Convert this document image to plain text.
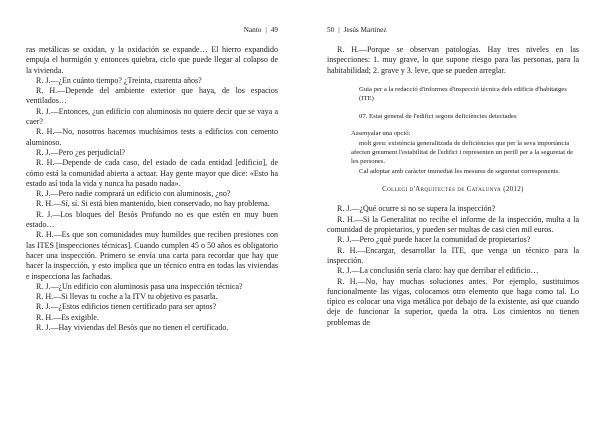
Nanto | 49

ras metálicas se oxidan, y la oxidación se expande… El hierro expandido empuja el hormigón y entonces quiebra, ciclo que puede llegar al colapso de la vivienda.

R. J.—¿En cuánto tiempo? ¿Treinta, cuarenta años?

R. H.—Depende del ambiente exterior que haya, de los espacios ventilados…

R. J.—Entonces, ¿un edificio con aluminosis no quiere decir que se vaya a caer?

R. H.—No, nosotros hacemos muchísimos tests a edificios con cemento aluminoso.

R. J.—Pero ¿es perjudicial?

R. H.—Depende de cada caso, del estado de cada entidad [edificio], de cómo está la comunidad abierta a actuar. Hay gente mayor que dice: «Esto ha estado así toda la vida y nunca ha pasado nada».

R. J.—Pero nadie comprará un edificio con aluminosis, ¿no?

R. H.—Sí, sí. Si está bien mantenido, bien conservado, no hay problema.

R. J.—Los bloques del Besòs Profundo no es que estén en muy buen estado…

R. H.—Es que son comunidades muy humildes que reciben presiones con las ITES [inspecciones técnicas]. Cuando cumplen 45 o 50 años es obligatorio hacer una inspección. Primero se envía una carta para recordar que hay que hacer la inspección, y esto implica que un técnico entra en todas las viviendas e inspecciona las fachadas.

R. J.—¿Un edificio con aluminosis pasa una inspección técnica?

R. H.—Si llevas tu coche a la ITV tu objetivo es pasarla.

R. J.—¿Estos edificios tienen certificado para ser aptos?

R. H.—Es exigible.

R. J.—Hay viviendas del Besòs que no tienen el certificado.

50 | Jesús Martínez

R. H.—Porque se observan patologías. Hay tres niveles en las inspecciones: 1. muy grave, lo que supone riesgo para las personas, para la habitabilidad; 2. grave y 3. leve, que se pueden arreglar.

Guia per a la redacció d'informes d'inspecció tècnica dels edificis d'habitatges (ITE)

07. Estat general de l'edifici segons deficiències detectades

Assenyalar una opció:

molt greu: existència generalitzada de deficiències que per la seva importància afecten greument l'estabilitat de l'edifici i representen un perill per a la seguretat de les persones.

Cal adoptar amb caràcter immediat les mesures de seguretat corresponents.

Collegi d'Arquitectes de Catalunya (2012)

R. J.—¿Qué ocurre si no se supera la inspección?

R. H.—Si la Generalitat no recibe el informe de la inspección, multa a la comunidad de propietarios, y pueden ser multas de casi cien mil euros.

R. J.—Pero ¿qué puede hacer la comunidad de propietarios?

R. H.—Encargar, desarrollar la ITE, que venga un técnico para la inspección.

R. J.—La conclusión sería claro: hay que derribar el edificio…

R. H.—No, hay muchas soluciones antes. Por ejemplo, sustituimos funcionalmente las vigas, colocamos otro elemento que haga como tal. Lo típico es colocar una viga metálica por debajo de la existente, así que cuando deje de funcionar la superior, queda la otra. Los cimientos no tienen problemas de
